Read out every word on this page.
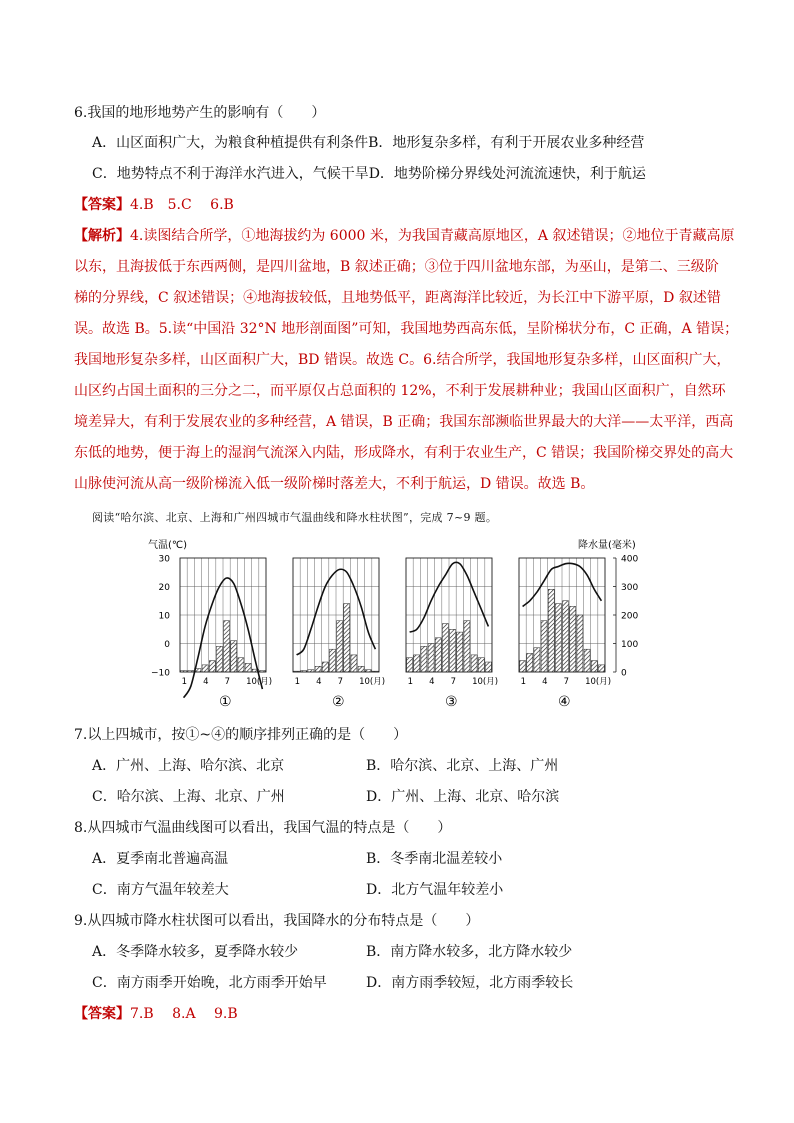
6.我国的地形地势产生的影响有（　　）
A．山区面积广大，为粮食种植提供有利条件B．地形复杂多样，有利于开展农业多种经营
C．地势特点不利于海洋水汽进入，气候干旱D．地势阶梯分界线处河流流速快，利于航运
【答案】4.B　5.C　 6.B
【解析】4.读图结合所学，①地海拔约为 6000 米，为我国青藏高原地区，A 叙述错误；②地位于青藏高原
以东，且海拔低于东西两侧，是四川盆地，B 叙述正确；③位于四川盆地东部，为巫山，是第二、三级阶
梯的分界线，C 叙述错误；④地海拔较低，且地势低平，距离海洋比较近，为长江中下游平原，D 叙述错
误。故选 B。5.读“中国沿 32°N 地形剖面图”可知，我国地势西高东低，呈阶梯状分布，C 正确，A 错误；
我国地形复杂多样，山区面积广大，BD 错误。故选 C。6.结合所学，我国地形复杂多样，山区面积广大，
山区约占国土面积的三分之二，而平原仅占总面积的 12%，不利于发展耕种业；我国山区面积广，自然环
境差异大，有利于发展农业的多种经营，A 错误，B 正确；我国东部濒临世界最大的大洋——太平洋，西高
东低的地势，便于海上的湿润气流深入内陆，形成降水，有利于农业生产，C 错误；我国阶梯交界处的高大
山脉使河流从高一级阶梯流入低一级阶梯时落差大，不利于航运，D 错误。故选 B。
阅读“哈尔滨、北京、上海和广州四城市气温曲线和降水柱状图”，完成 7~9 题。
气温(℃)	降水量(毫米)
30
20
10
0
−10
400
300
200
100
0
1 4 7 10(月)
①
1 4 7 10(月)
②
1 4 7 10(月)
③
1 4 7 10(月)
④
7.以上四城市，按①~④的顺序排列正确的是（　　）
A．广州、上海、哈尔滨、北京	B．哈尔滨、北京、上海、广州
C．哈尔滨、上海、北京、广州	D．广州、上海、北京、哈尔滨
8.从四城市气温曲线图可以看出，我国气温的特点是（　　）
A．夏季南北普遍高温	B．冬季南北温差较小
C．南方气温年较差大	D．北方气温年较差小
9.从四城市降水柱状图可以看出，我国降水的分布特点是（　　）
A．冬季降水较多，夏季降水较少	B．南方降水较多，北方降水较少
C．南方雨季开始晚，北方雨季开始早	D．南方雨季较短，北方雨季较长
【答案】7.B　 8.A　 9.B
